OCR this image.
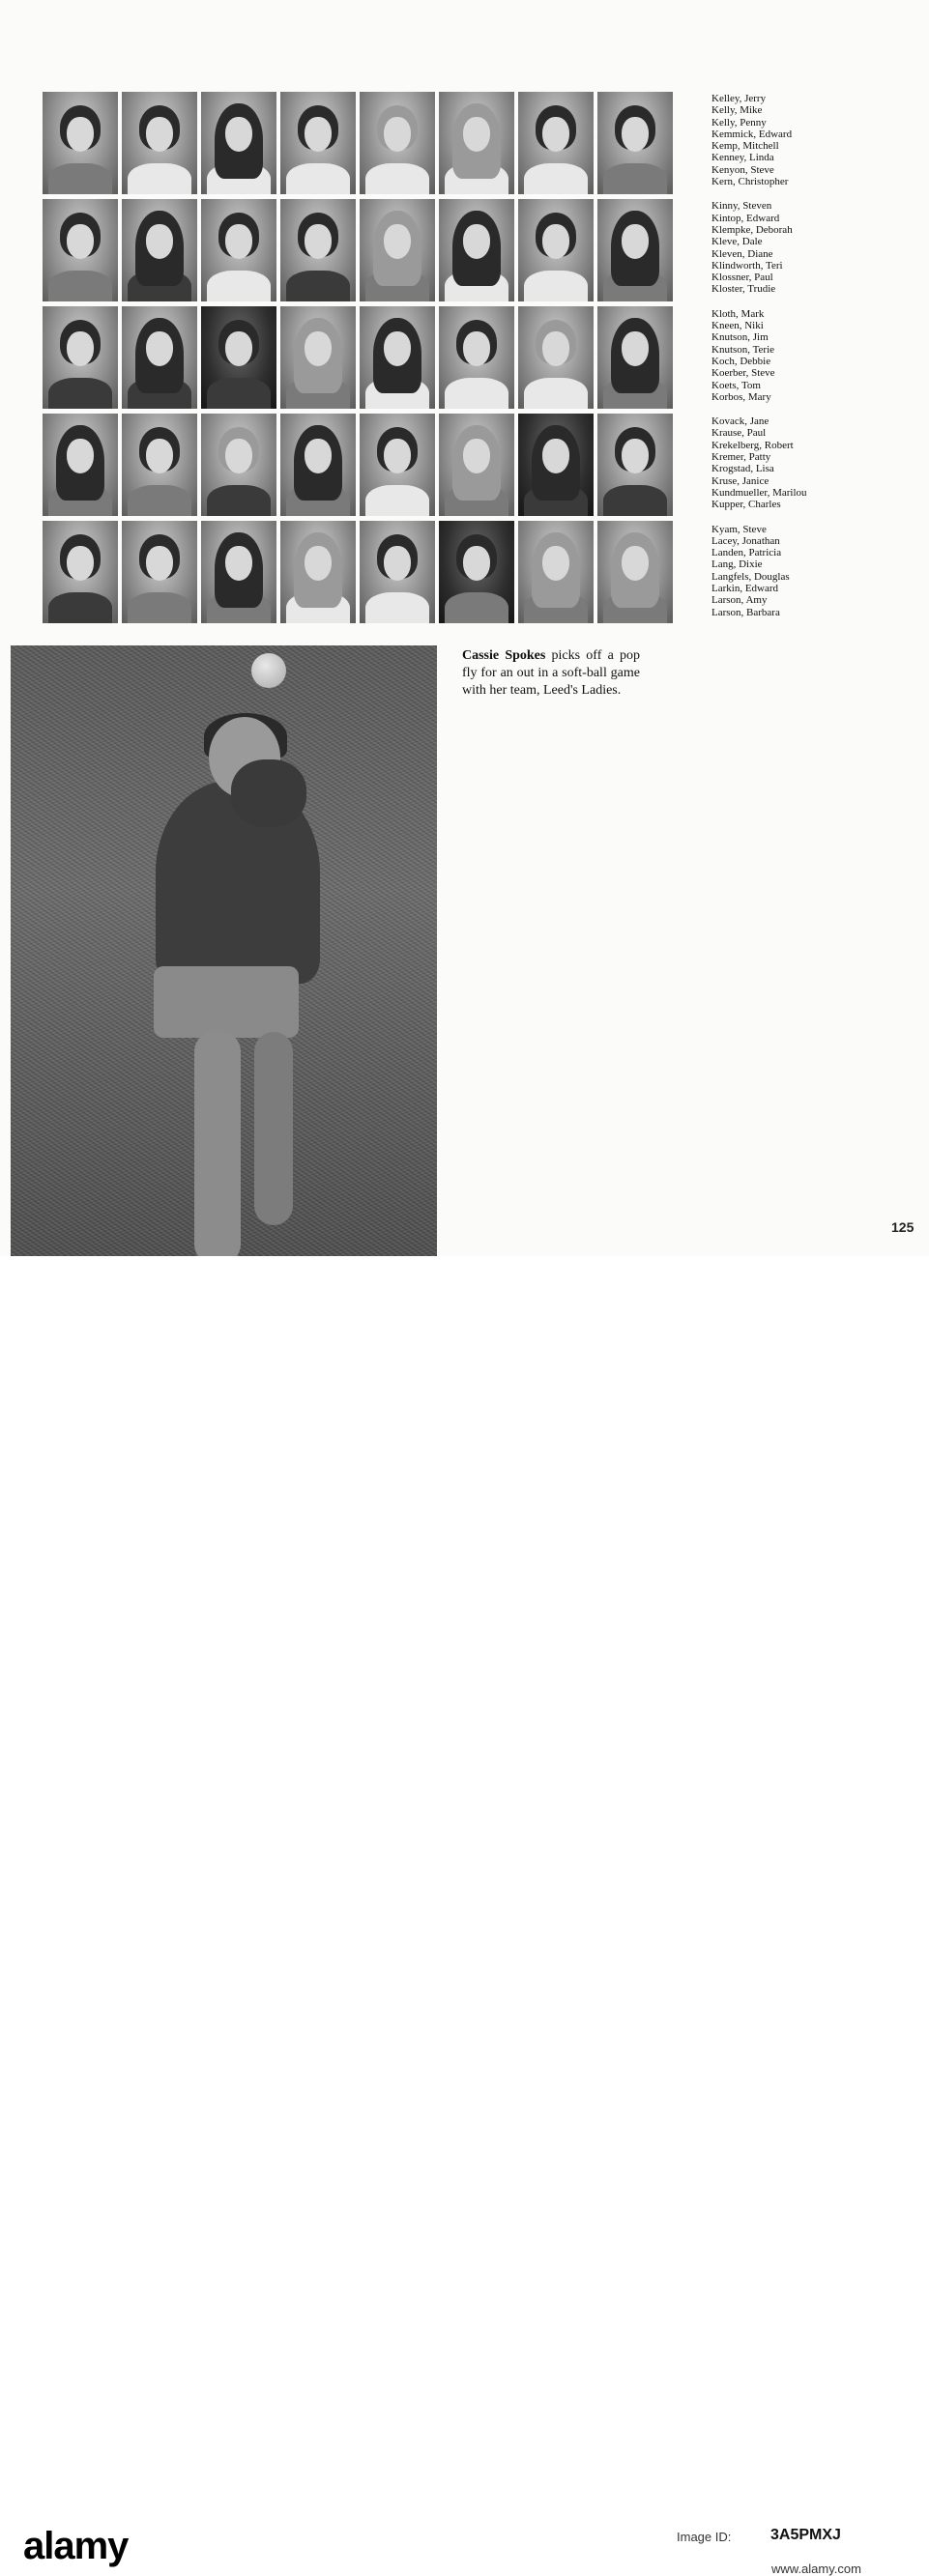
Kelley, Jerry
Kelly, Mike
Kelly, Penny
Kemmick, Edward
Kemp, Mitchell
Kenney, Linda
Kenyon, Steve
Kern, Christopher
Kinny, Steven
Kintop, Edward
Klempke, Deborah
Kleve, Dale
Kleven, Diane
Klindworth, Teri
Klossner, Paul
Kloster, Trudie
Kloth, Mark
Kneen, Niki
Knutson, Jim
Knutson, Terie
Koch, Debbie
Koerber, Steve
Koets, Tom
Korbos, Mary
Kovack, Jane
Krause, Paul
Krekelberg, Robert
Kremer, Patty
Krogstad, Lisa
Kruse, Janice
Kundmueller, Marilou
Kupper, Charles
Kyam, Steve
Lacey, Jonathan
Landen, Patricia
Lang, Dixie
Langfels, Douglas
Larkin, Edward
Larson, Amy
Larson, Barbara
Cassie Spokes picks off a pop fly for an out in a soft-ball game with her team, Leed's Ladies.
125
alamy	Image ID:	3A5PMXJ
www.alamy.com
